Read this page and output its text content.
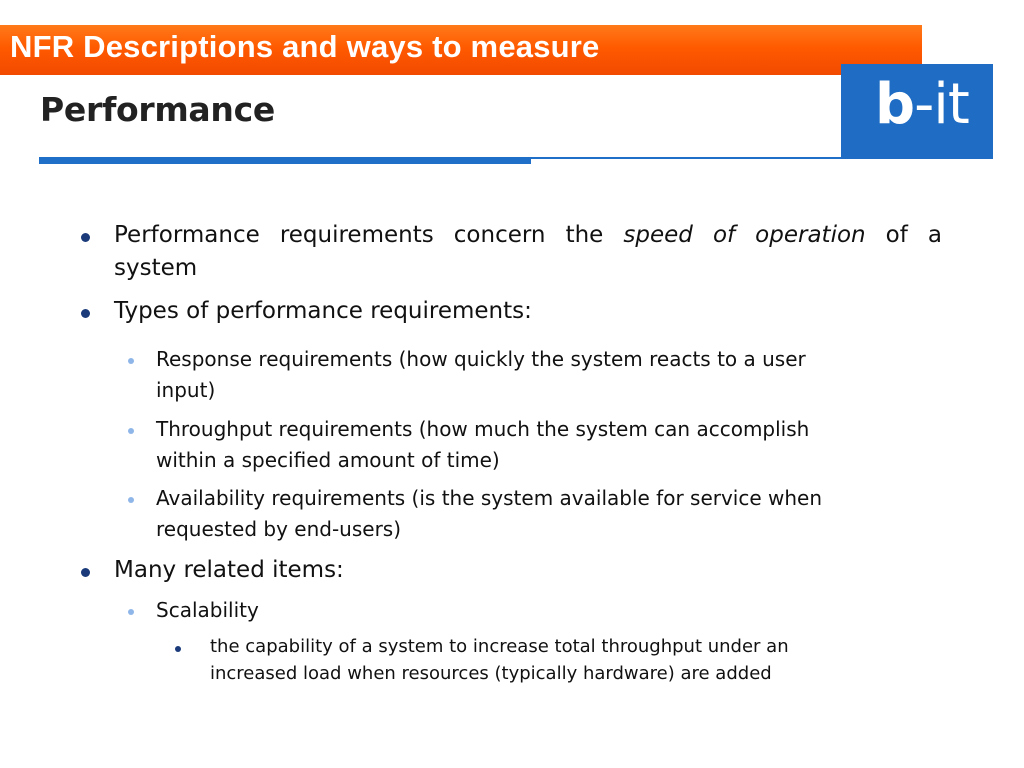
NFR Descriptions and ways to measure
Performance	b-it
Performance requirements concern the speed of operation of a
system
Types of performance requirements:
Response requirements (how quickly the system reacts to a user
input)
Throughput requirements (how much the system can accomplish
within a specified amount of time)
Availability requirements (is the system available for service when
requested by end-users)
Many related items:
Scalability
the capability of a system to increase total throughput under an
increased load when resources (typically hardware) are added
